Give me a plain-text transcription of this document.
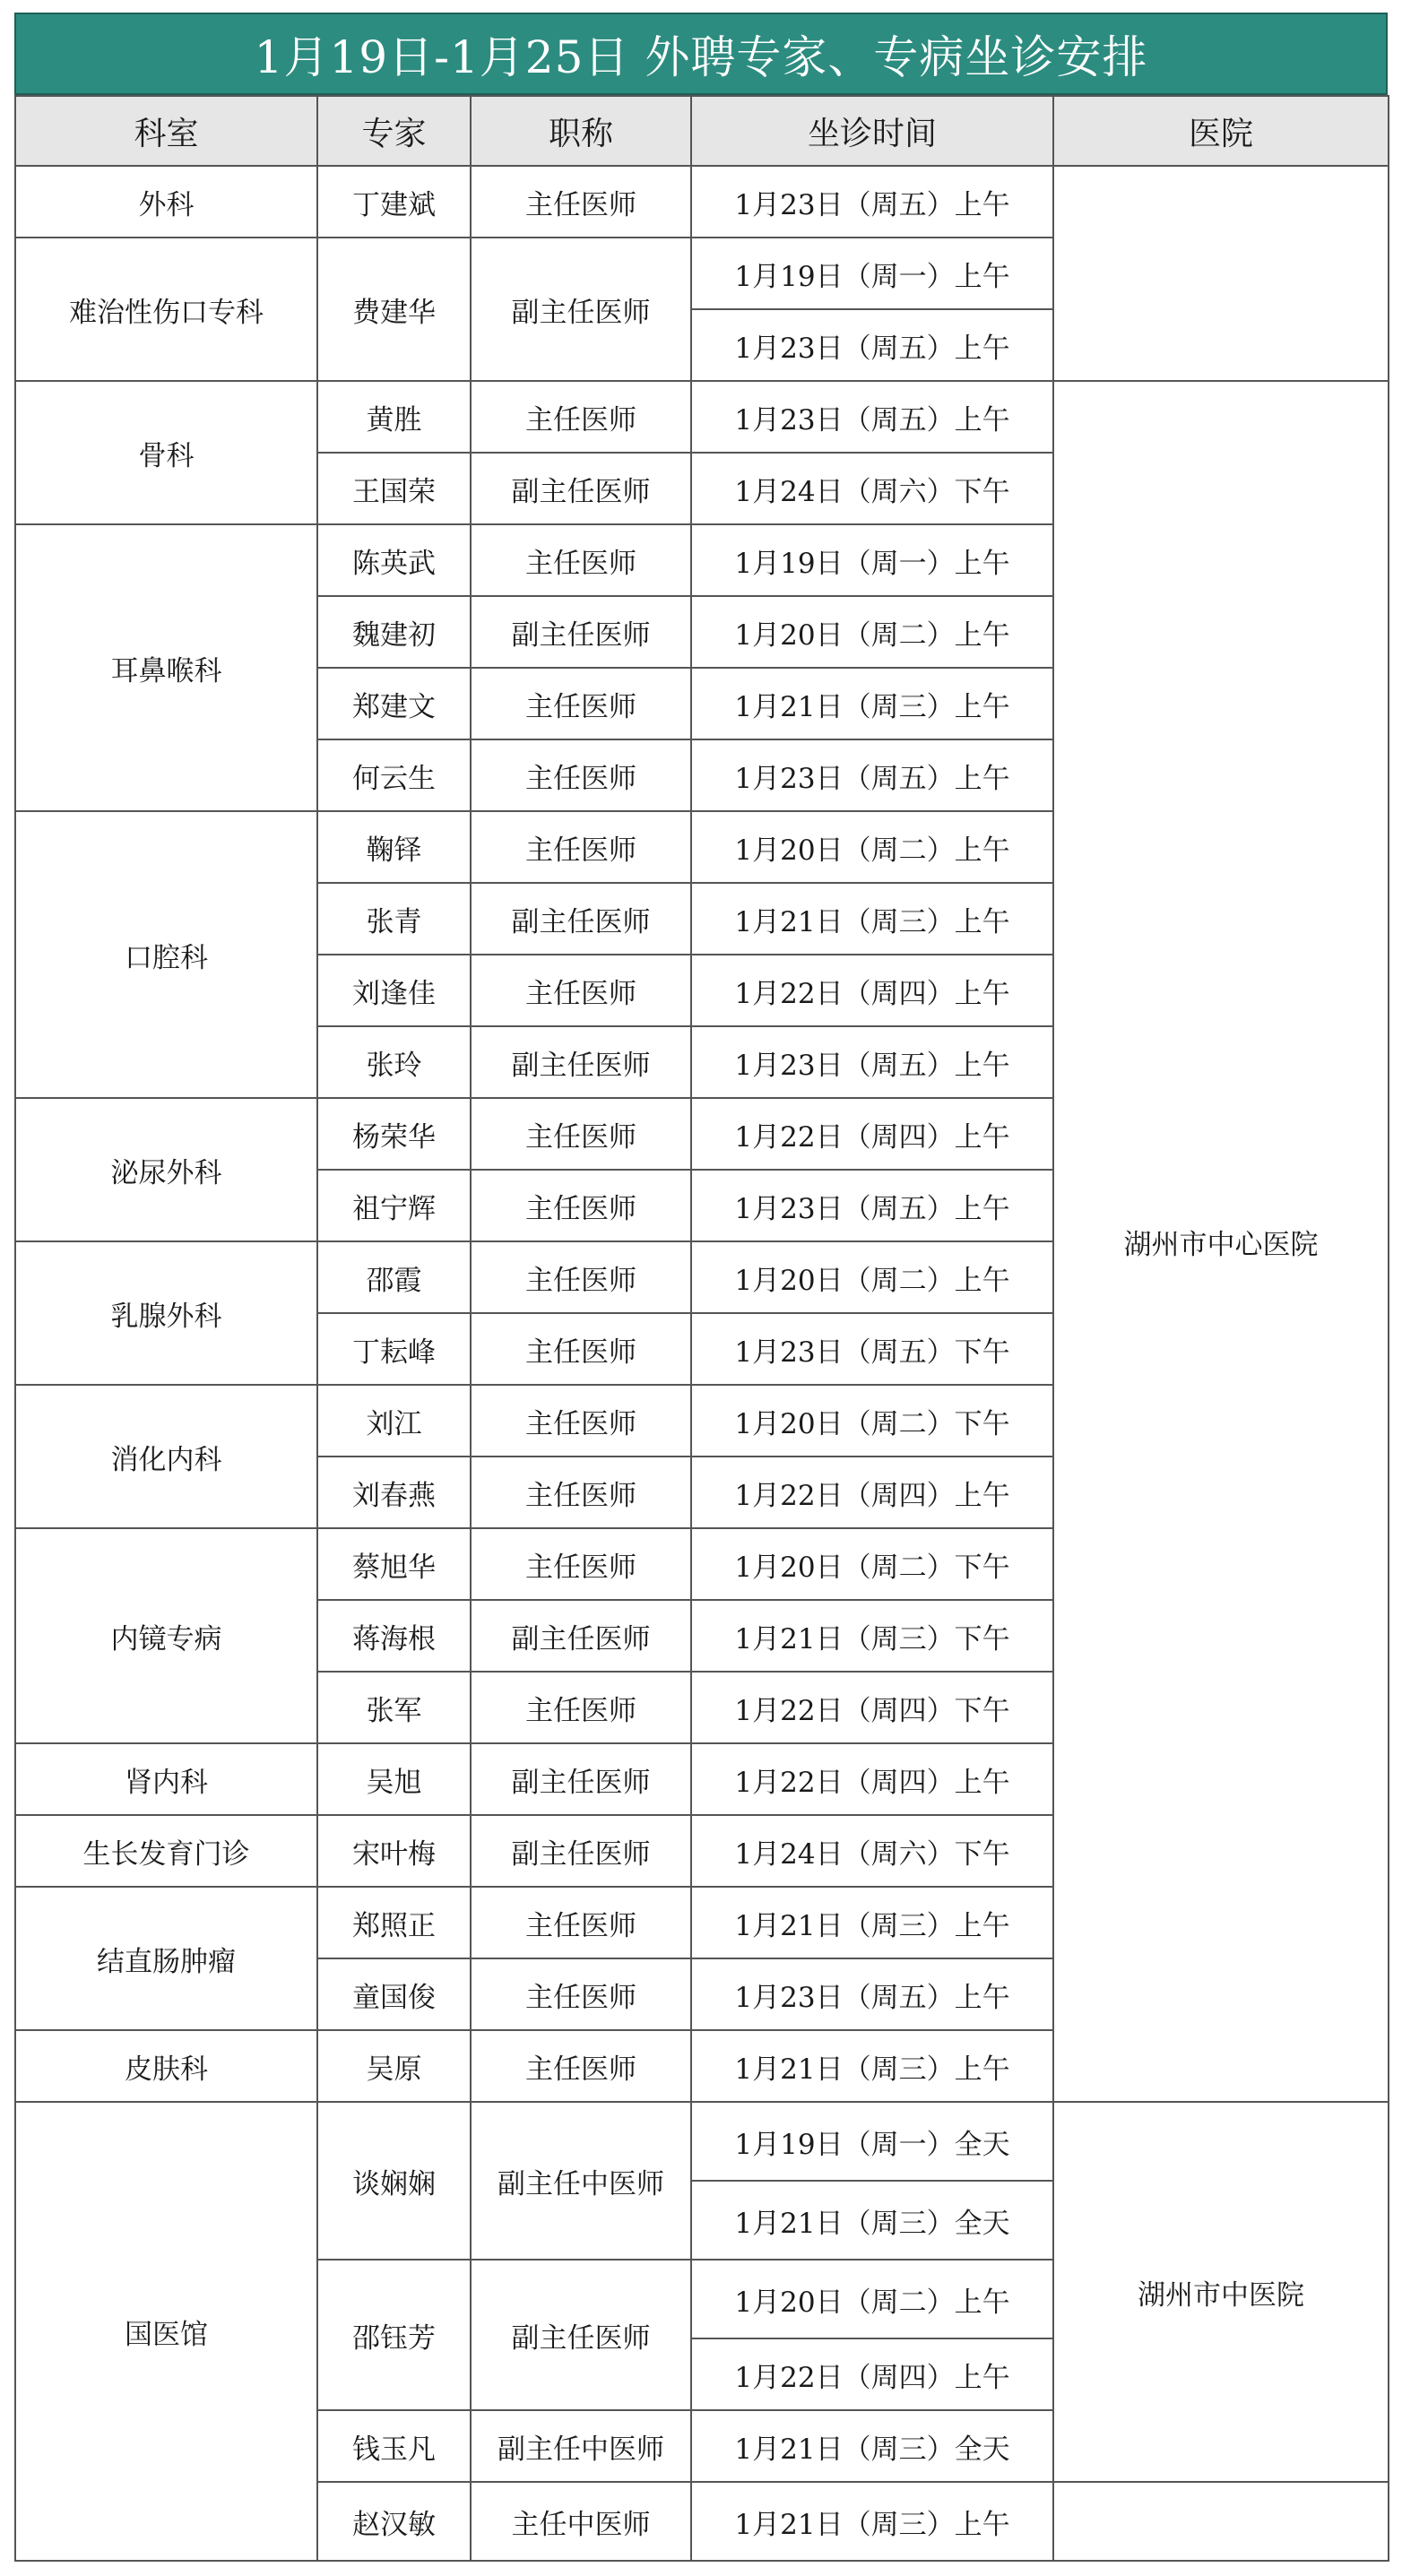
1月19日-1月25日 外聘专家、专病坐诊安排
科室	专家	职称	坐诊时间	医院
外科	丁建斌	主任医师	1月23日（周五）上午	
难治性伤口专科	费建华	副主任医师	1月19日（周一）上午	
			1月23日（周五）上午	
骨科	黄胜	主任医师	1月23日（周五）上午	湖州市中心医院
	王国荣	副主任医师	1月24日（周六）下午	
耳鼻喉科	陈英武	主任医师	1月19日（周一）上午	
	魏建初	副主任医师	1月20日（周二）上午	
	郑建文	主任医师	1月21日（周三）上午	
	何云生	主任医师	1月23日（周五）上午	
口腔科	鞠铎	主任医师	1月20日（周二）上午	
	张青	副主任医师	1月21日（周三）上午	
	刘逢佳	主任医师	1月22日（周四）上午	
	张玲	副主任医师	1月23日（周五）上午	
泌尿外科	杨荣华	主任医师	1月22日（周四）上午	
	祖宁辉	主任医师	1月23日（周五）上午	
乳腺外科	邵霞	主任医师	1月20日（周二）上午	
	丁耘峰	主任医师	1月23日（周五）下午	
消化内科	刘江	主任医师	1月20日（周二）下午	
	刘春燕	主任医师	1月22日（周四）上午	
内镜专病	蔡旭华	主任医师	1月20日（周二）下午	
	蒋海根	副主任医师	1月21日（周三）下午	
	张军	主任医师	1月22日（周四）下午	
肾内科	吴旭	副主任医师	1月22日（周四）上午	
生长发育门诊	宋叶梅	副主任医师	1月24日（周六）下午	
结直肠肿瘤	郑照正	主任医师	1月21日（周三）上午	
	童国俊	主任医师	1月23日（周五）上午	
皮肤科	吴原	主任医师	1月21日（周三）上午	
国医馆	谈娴娴	副主任中医师	1月19日（周一）全天	湖州市中医院
			1月21日（周三）全天	
	邵钰芳	副主任医师	1月20日（周二）上午	
			1月22日（周四）上午	
	钱玉凡	副主任中医师	1月21日（周三）全天	
	赵汉敏	主任中医师	1月21日（周三）上午	
